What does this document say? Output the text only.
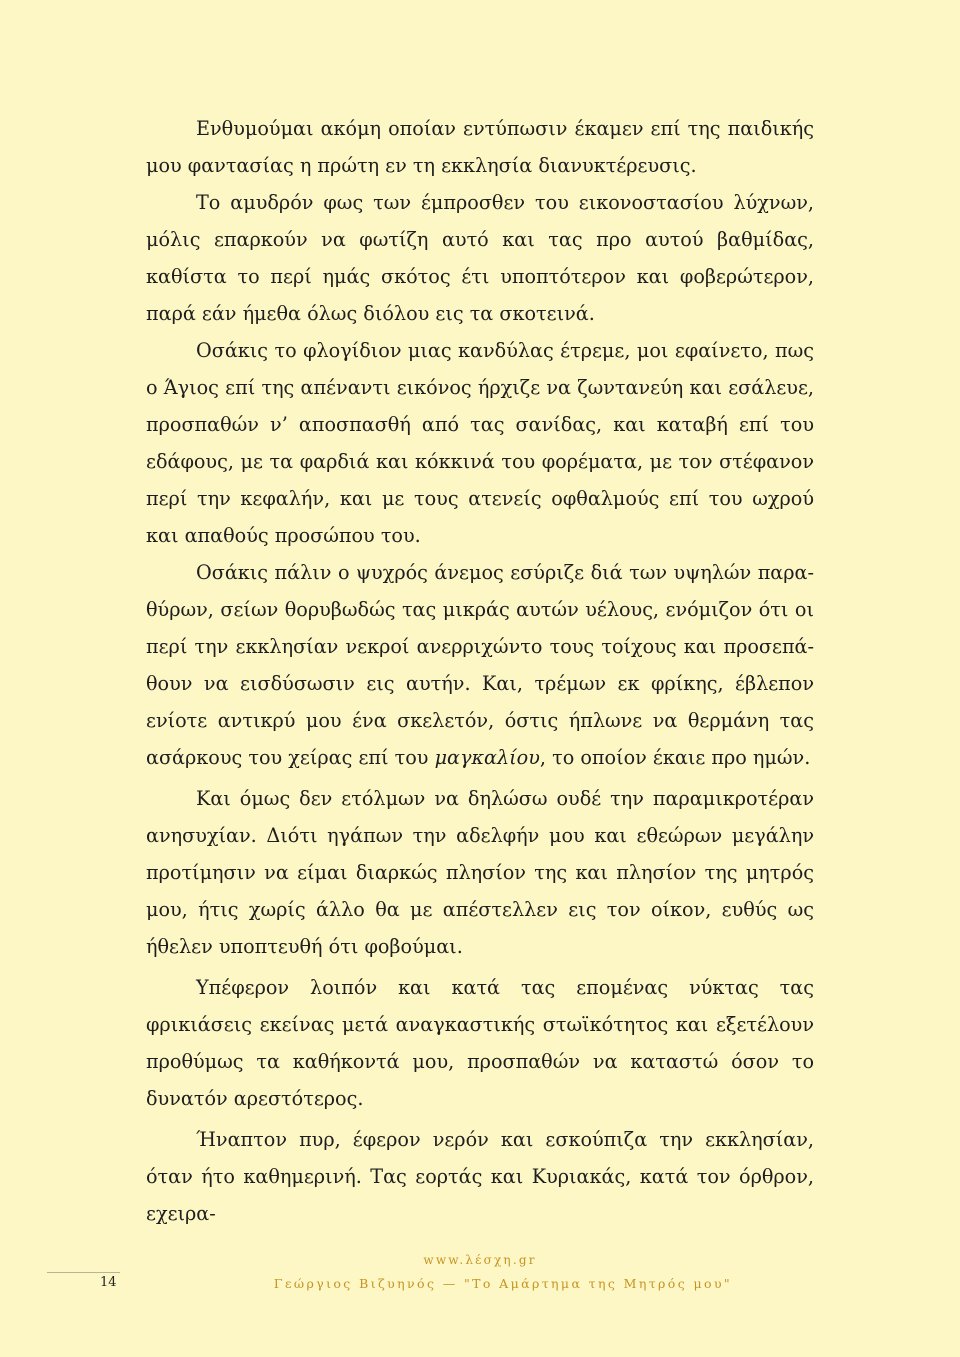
Ενθυμούμαι ακόμη οποίαν εντύπωσιν έκαμεν επί της παιδικής μου φαντασίας η πρώτη εν τη εκκλησία διανυκτέρευσις.

Το αμυδρόν φως των έμπροσθεν του εικονοστασίου λύχνων, μόλις επαρκούν να φωτίζη αυτό και τας προ αυτού βαθμίδας, καθίστα το περί ημάς σκότος έτι υποπτότερον και φοβερώτερον, παρά εάν ήμεθα όλως διόλου εις τα σκοτεινά.

Οσάκις το φλογίδιον μιας κανδύλας έτρεμε, μοι εφαίνετο, πως ο Άγιος επί της απέναντι εικόνος ήρχιζε να ζωντανεύη και εσάλευε, προσπαθών ν’ αποσπασθή από τας σανίδας, και καταβή επί του εδάφους, με τα φαρδιά και κόκκινά του φορέματα, με τον στέφανον περί την κεφαλήν, και με τους ατενείς οφθαλμούς επί του ωχρού και απαθούς προσώπου του.

Οσάκις πάλιν ο ψυχρός άνεμος εσύριζε διά των υψηλών παραθύρων, σείων θορυβωδώς τας μικράς αυτών υέλους, ενόμιζον ότι οι περί την εκκλησίαν νεκροί ανερριχώντο τους τοίχους και προσεπάθουν να εισδύσωσιν εις αυτήν. Και, τρέμων εκ φρίκης, έβλεπον ενίοτε αντικρύ μου ένα σκελετόν, όστις ήπλωνε να θερμάνη τας ασάρκους του χείρας επί του μαγκαλίου, το οποίον έκαιε προ ημών.

Και όμως δεν ετόλμων να δηλώσω ουδέ την παραμικροτέραν ανησυχίαν. Διότι ηγάπων την αδελφήν μου και εθεώρων μεγάλην προτίμησιν να είμαι διαρκώς πλησίον της και πλησίον της μητρός μου, ήτις χωρίς άλλο θα με απέστελλεν εις τον οίκον, ευθύς ως ήθελεν υποπτευθή ότι φοβούμαι.

Υπέφερον λοιπόν και κατά τας επομένας νύκτας τας φρικιάσεις εκείνας μετά αναγκαστικής στωϊκότητος και εξετέλουν προθύμως τα καθήκοντά μου, προσπαθών να καταστώ όσον το δυνατόν αρεστότερος.

Ήναπτον πυρ, έφερον νερόν και εσκούπιζα την εκκλησίαν, όταν ήτο καθημερινή. Τας εορτάς και Κυριακάς, κατά τον όρθρον, εχειρα-

www.λέσχη.gr
Γεώργιος Βιζυηνός — "Το Αμάρτημα της Μητρός μου"
14
